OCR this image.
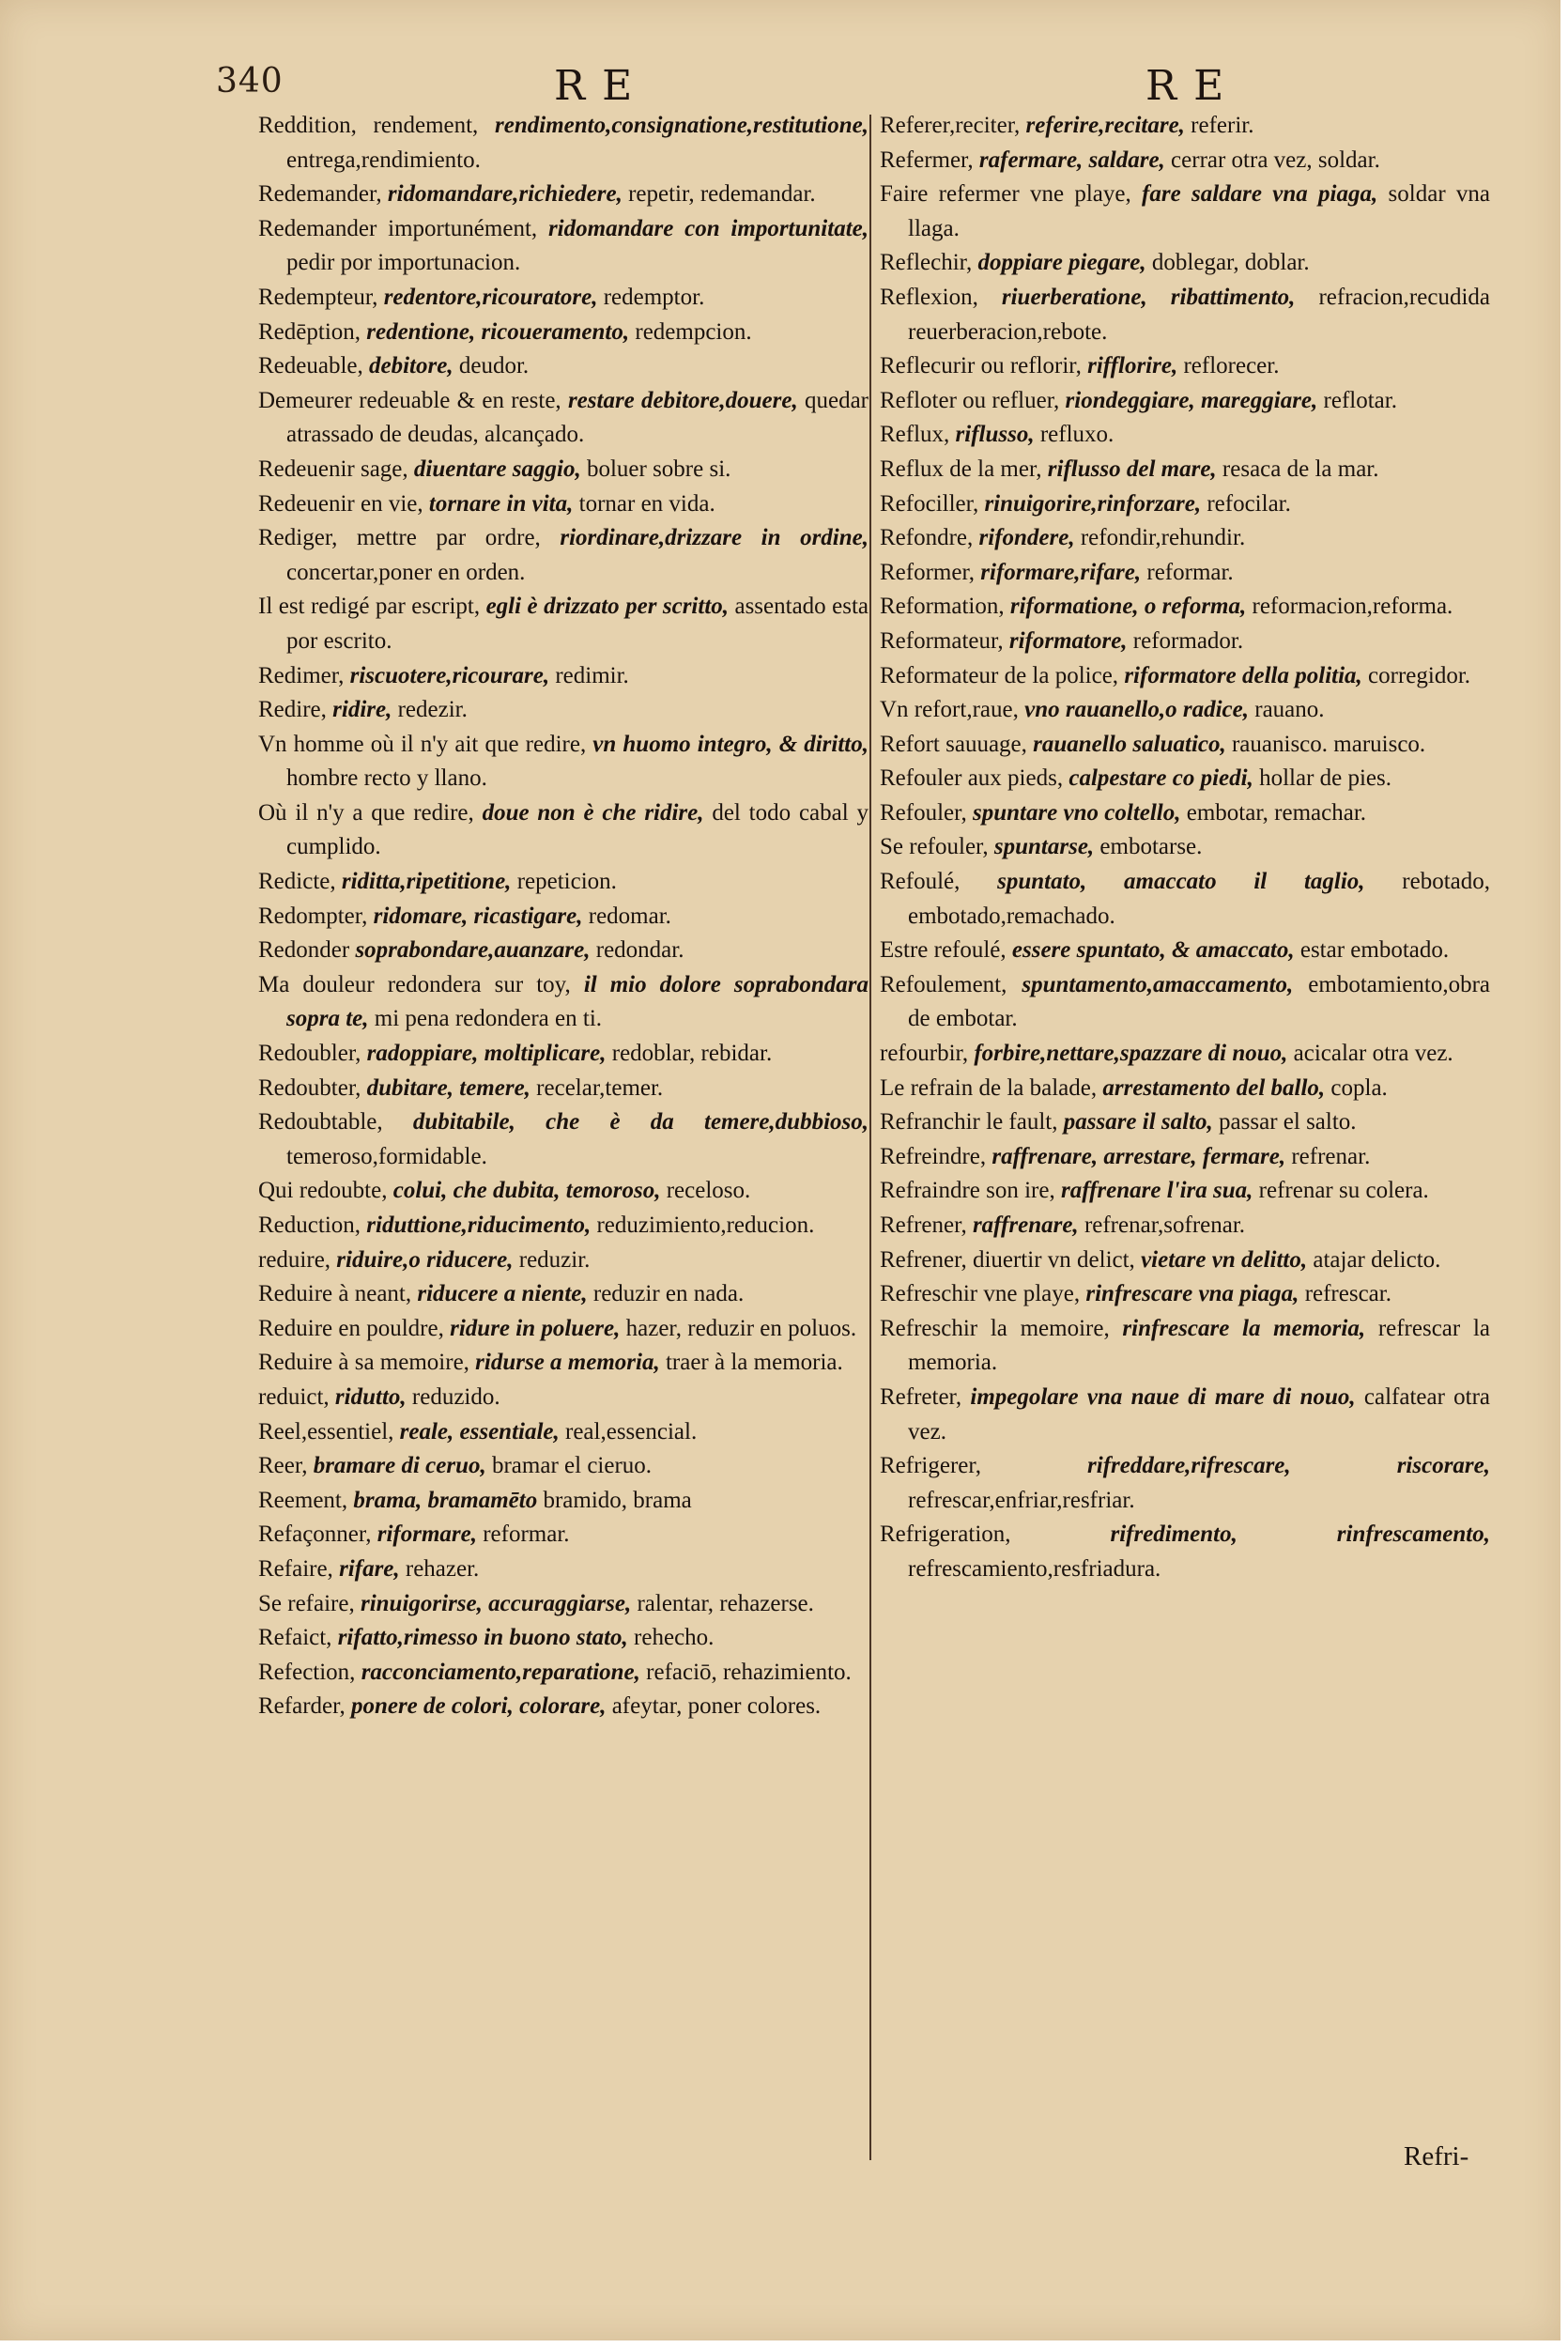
340	RE	RE
Reddition, rendement, rendimento,consignatione,restitutione, entrega,rendimiento.
Redemander, ridomandare,richiedere, repetir, redemandar.
Redemander importunément, ridomandare con importunitate, pedir por importunacion.
Redempteur, redentore,ricouratore, redemptor.
Redēption, redentione, ricoueramento, redempcion.
Redeuable, debitore, deudor.
Demeurer redeuable & en reste, restare debitore,douere, quedar atrassado de deudas, alcançado.
Redeuenir sage, diuentare saggio, boluer sobre si.
Redeuenir en vie, tornare in vita, tornar en vida.
Rediger, mettre par ordre, riordinare,drizzare in ordine, concertar,poner en orden.
Il est redigé par escript, egli è drizzato per scritto, assentado esta por escrito.
Redimer, riscuotere,ricourare, redimir.
Redire, ridire, redezir.
Vn homme où il n'y ait que redire, vn huomo integro, & diritto, hombre recto y llano.
Où il n'y a que redire, doue non è che ridire, del todo cabal y cumplido.
Redicte, riditta,ripetitione, repeticion.
Redompter, ridomare, ricastigare, redomar.
Redonder soprabondare,auanzare, redondar.
Ma douleur redondera sur toy, il mio dolore soprabondara sopra te, mi pena redondera en ti.
Redoubler, radoppiare, moltiplicare, redoblar, rebidar.
Redoubter, dubitare, temere, recelar,temer.
Redoubtable, dubitabile, che è da temere,dubbioso, temeroso,formidable.
Qui redoubte, colui, che dubita, temoroso, receloso.
Reduction, riduttione,riducimento, reduzimiento,reducion.
reduire, riduire,o riducere, reduzir.
Reduire à neant, riducere a niente, reduzir en nada.
Reduire en pouldre, ridure in poluere, hazer, reduzir en poluos.
Reduire à sa memoire, ridurse a memoria, traer à la memoria.
reduict, ridutto, reduzido.
Reel,essentiel, reale, essentiale, real,essencial.
Reer, bramare di ceruo, bramar el cieruo.
Reement, brama, bramamēto bramido, brama
Refaçonner, riformare, reformar.
Refaire, rifare, rehazer.
Se refaire, rinuigorirse, accuraggiarse, ralentar, rehazerse.
Refaict, rifatto,rimesso in buono stato, rehecho.
Refection, racconciamento,reparatione, refaciō, rehazimiento.
Refarder, ponere de colori, colorare, afeytar, poner colores.
Referer,reciter, referire,recitare, referir.
Refermer, rafermare, saldare, cerrar otra vez, soldar.
Faire refermer vne playe, fare saldare vna piaga, soldar vna llaga.
Reflechir, doppiare piegare, doblegar, doblar.
Reflexion, riuerberatione, ribattimento, refracion,recudida reuerberacion,rebote.
Reflecurir ou reflorir, rifflorire, reflorecer.
Refloter ou refluer, riondeggiare, mareggiare, reflotar.
Reflux, riflusso, refluxo.
Reflux de la mer, riflusso del mare, resaca de la mar.
Refociller, rinuigorire,rinforzare, refocilar.
Refondre, rifondere, refondir,rehundir.
Reformer, riformare,rifare, reformar.
Reformation, riformatione, o reforma, reformacion,reforma.
Reformateur, riformatore, reformador.
Reformateur de la police, riformatore della politia, corregidor.
Vn refort,raue, vno rauanello,o radice, rauano.
Refort sauuage, rauanello saluatico, rauanisco. maruisco.
Refouler aux pieds, calpestare co piedi, hollar de pies.
Refouler, spuntare vno coltello, embotar, remachar.
Se refouler, spuntarse, embotarse.
Refoulé, spuntato, amaccato il taglio, rebotado, embotado,remachado.
Estre refoulé, essere spuntato, & amaccato, estar embotado.
Refoulement, spuntamento,amaccamento, embotamiento,obra de embotar.
refourbir, forbire,nettare,spazzare di nouo, acicalar otra vez.
Le refrain de la balade, arrestamento del ballo, copla.
Refranchir le fault, passare il salto, passar el salto.
Refreindre, raffrenare, arrestare, fermare, refrenar.
Refraindre son ire, raffrenare l'ira sua, refrenar su colera.
Refrener, raffrenare, refrenar,sofrenar.
Refrener, diuertir vn delict, vietare vn delitto, atajar delicto.
Refreschir vne playe, rinfrescare vna piaga, refrescar.
Refreschir la memoire, rinfrescare la memoria, refrescar la memoria.
Refreter, impegolare vna naue di mare di nouo, calfatear otra vez.
Refrigerer,	rifreddare,rifrescare, riscorare, refrescar,enfriar,resfriar.
Refrigeration,	rifredimento, rinfrescamento, refrescamiento,resfriadura.
Refri-
